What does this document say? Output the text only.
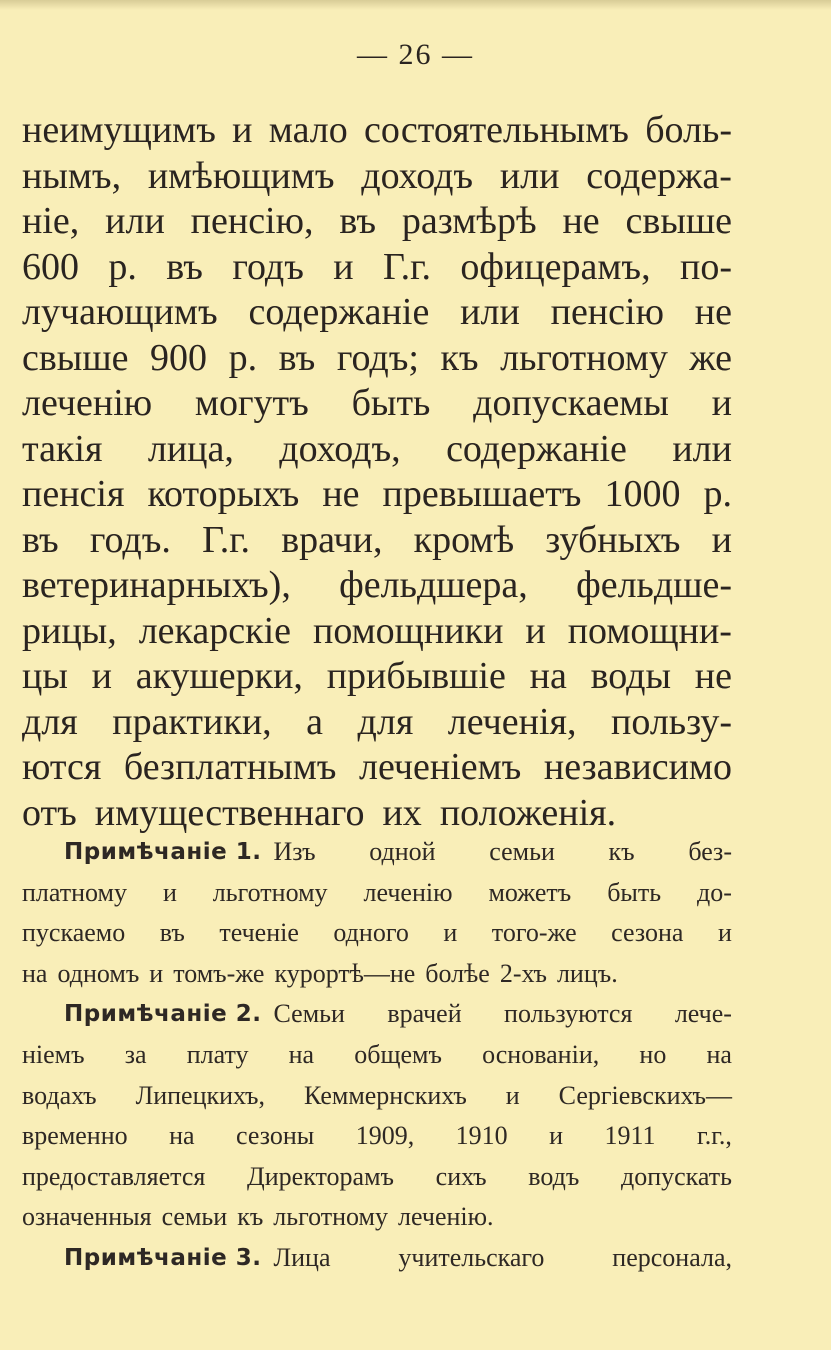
— 26 —
неимущимъ и мало состоятельнымъ боль-
нымъ, имѣющимъ доходъ или содержа-
ніе, или пенсію, въ размѣрѣ не свыше
600 р. въ годъ и Г.г. офицерамъ, по-
лучающимъ содержаніе или пенсію не
свыше 900 р. въ годъ; къ льготному же
леченію могутъ быть допускаемы и
такія лица, доходъ, содержаніе или
пенсія которыхъ не превышаетъ 1000 р.
въ годъ. Г.г. врачи, кромѣ зубныхъ и
ветеринарныхъ), фельдшера, фельдше-
рицы, лекарскіе помощники и помощни-
цы и акушерки, прибывшіе на воды не
для практики, а для леченія, пользу-
ются безплатнымъ леченіемъ независимо
отъ имущественнаго их положенія.
Примѣчаніе 1. Изъ одной семьи къ без-
платному и льготному леченію можетъ быть до-
пускаемо въ теченіе одного и того-же сезона и
на одномъ и томъ-же курортѣ—не болѣе 2-хъ лицъ.
Примѣчаніе 2. Семьи врачей пользуются лече-
ніемъ за плату на общемъ основаніи, но на
водахъ Липецкихъ, Кеммернскихъ и Сергіевскихъ—
временно на сезоны 1909, 1910 и 1911 г.г.,
предоставляется Директорамъ сихъ водъ допускать
означенныя семьи къ льготному леченію.
Примѣчаніе 3. Лица	учительскаго	персонала,
